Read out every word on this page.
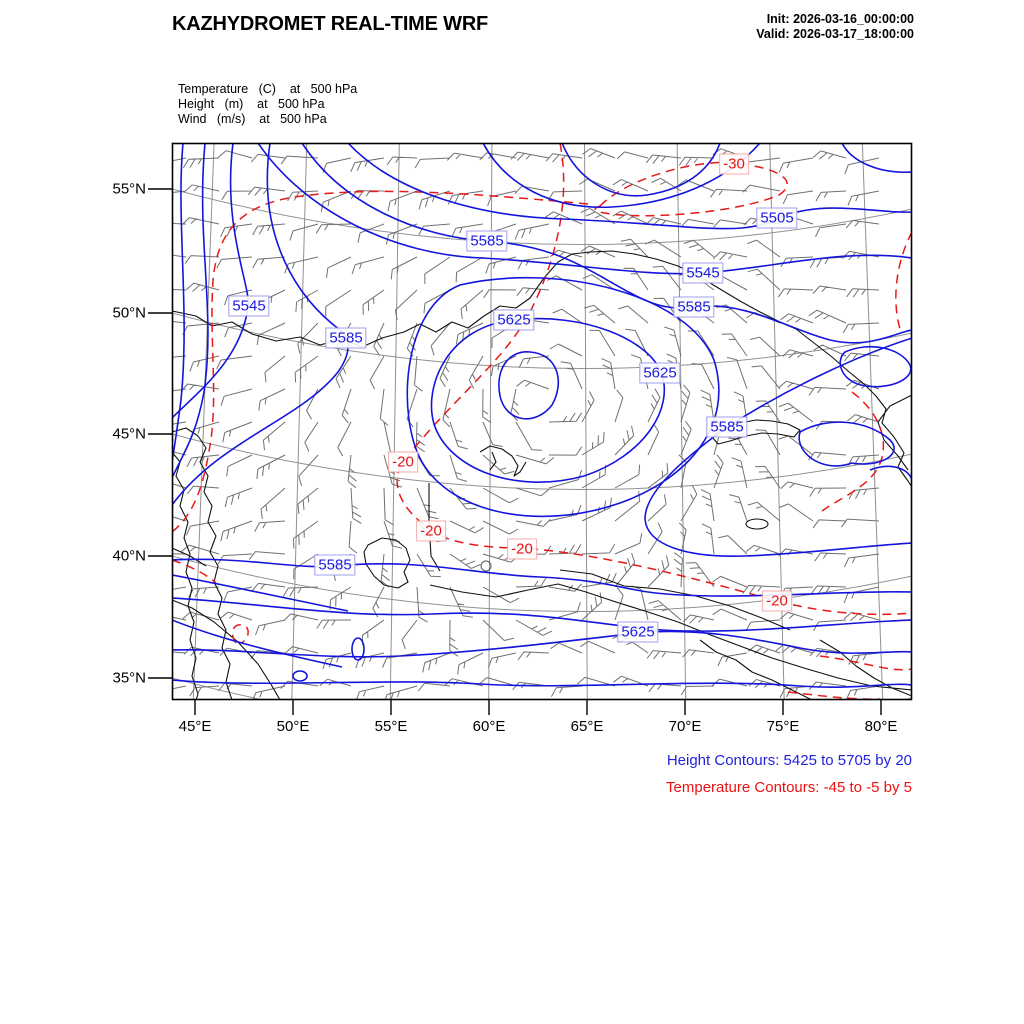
KAZHYDROMET REAL-TIME WRF	Init: 2026-03-16_00:00:00
Valid: 2026-03-17_18:00:00
Temperature   (C)    at   500 hPa
Height   (m)    at   500 hPa
Wind   (m/s)    at   500 hPa
5585
5505
5545
5585
5545
5585
5625
5625
5585
5585
5625
-30
-20
-20
-20
-20
45°E	50°E	55°E	60°E	65°E	70°E	75°E	80°E
55°N
50°N
45°N
40°N
35°N
Height Contours: 5425 to 5705 by 20
Temperature Contours: -45 to -5 by 5
